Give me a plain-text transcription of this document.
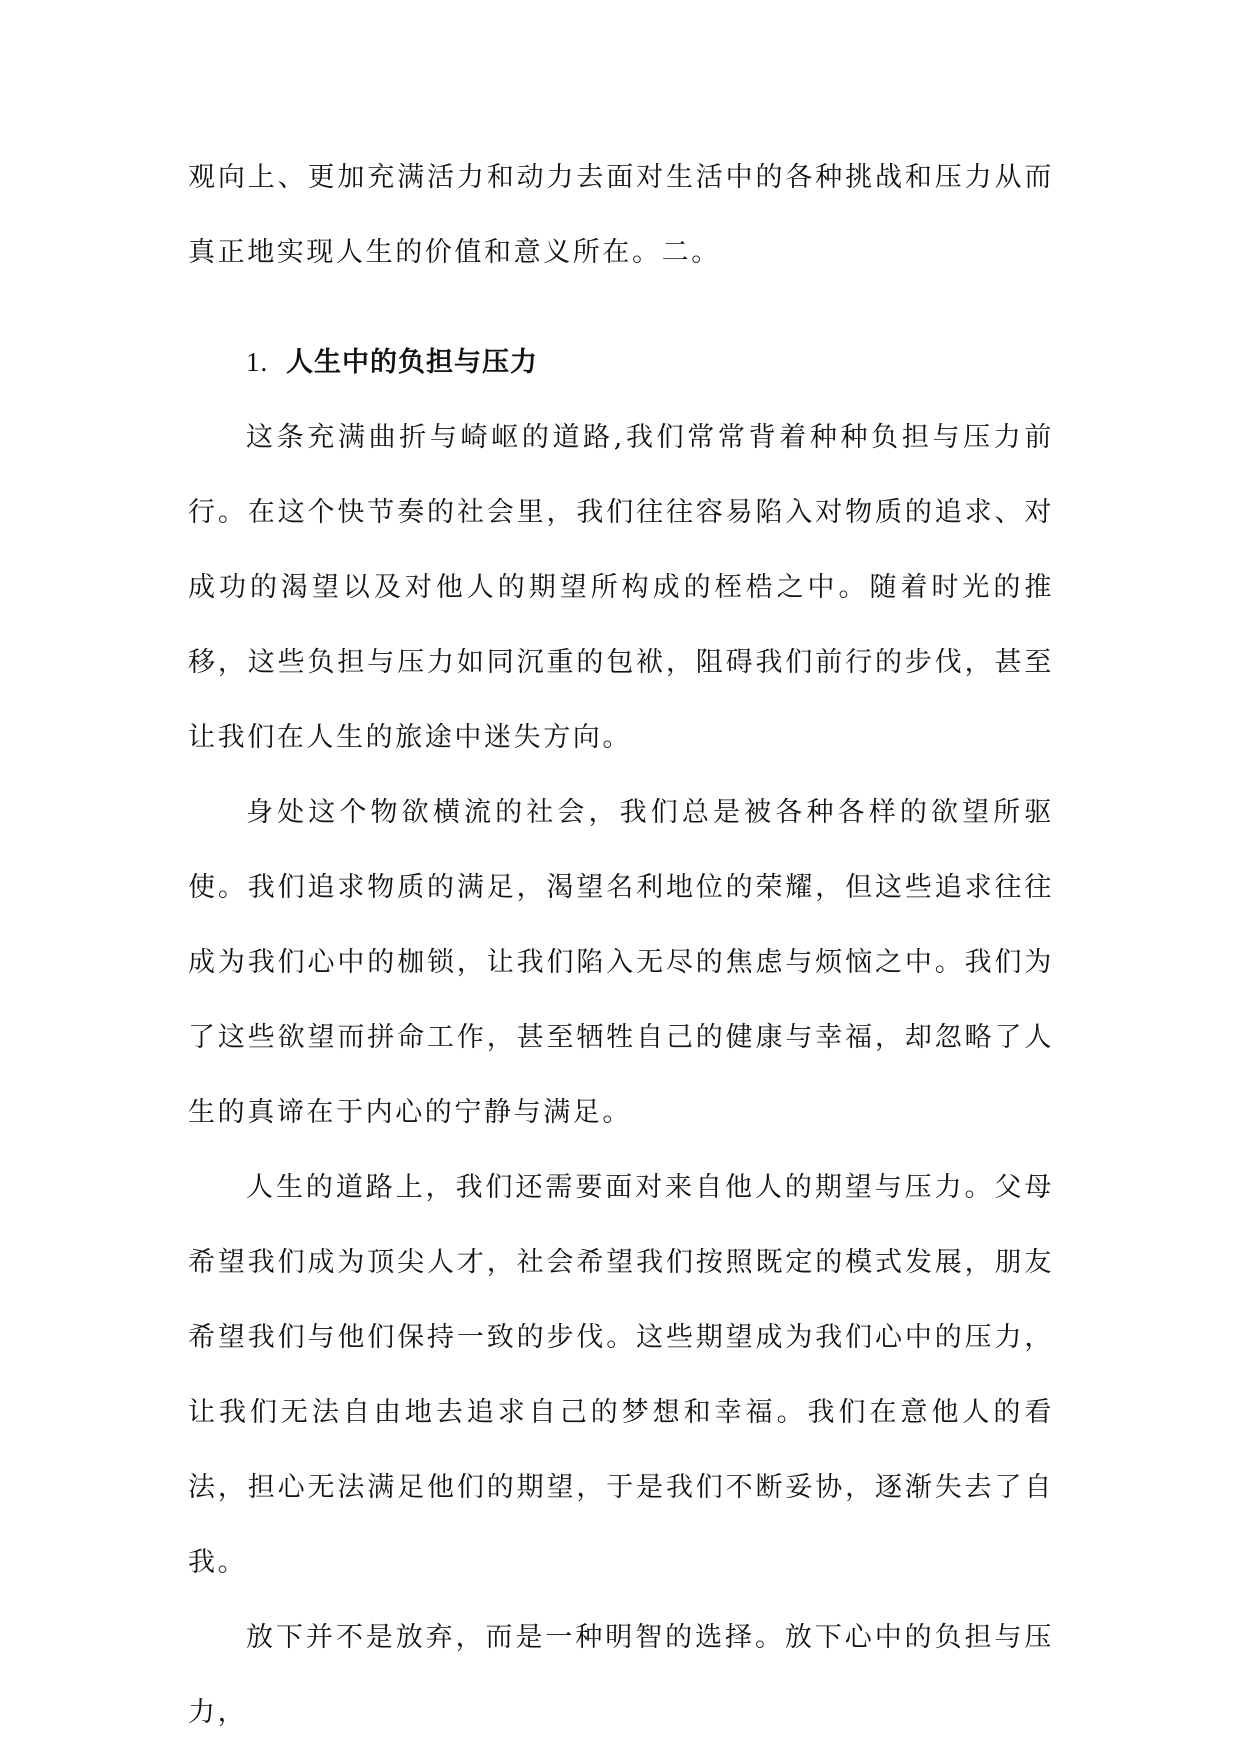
观向上、更加充满活力和动力去面对生活中的各种挑战和压力从而真正地实现人生的价值和意义所在。二。

1. 人生中的负担与压力

这条充满曲折与崎岖的道路,我们常常背着种种负担与压力前行。在这个快节奏的社会里，我们往往容易陷入对物质的追求、对成功的渴望以及对他人的期望所构成的桎梏之中。随着时光的推移，这些负担与压力如同沉重的包袱，阻碍我们前行的步伐，甚至让我们在人生的旅途中迷失方向。

身处这个物欲横流的社会，我们总是被各种各样的欲望所驱使。我们追求物质的满足，渴望名利地位的荣耀，但这些追求往往成为我们心中的枷锁，让我们陷入无尽的焦虑与烦恼之中。我们为了这些欲望而拼命工作，甚至牺牲自己的健康与幸福，却忽略了人生的真谛在于内心的宁静与满足。

人生的道路上，我们还需要面对来自他人的期望与压力。父母希望我们成为顶尖人才，社会希望我们按照既定的模式发展，朋友希望我们与他们保持一致的步伐。这些期望成为我们心中的压力，让我们无法自由地去追求自己的梦想和幸福。我们在意他人的看法，担心无法满足他们的期望，于是我们不断妥协，逐渐失去了自我。

放下并不是放弃，而是一种明智的选择。放下心中的负担与压力，
